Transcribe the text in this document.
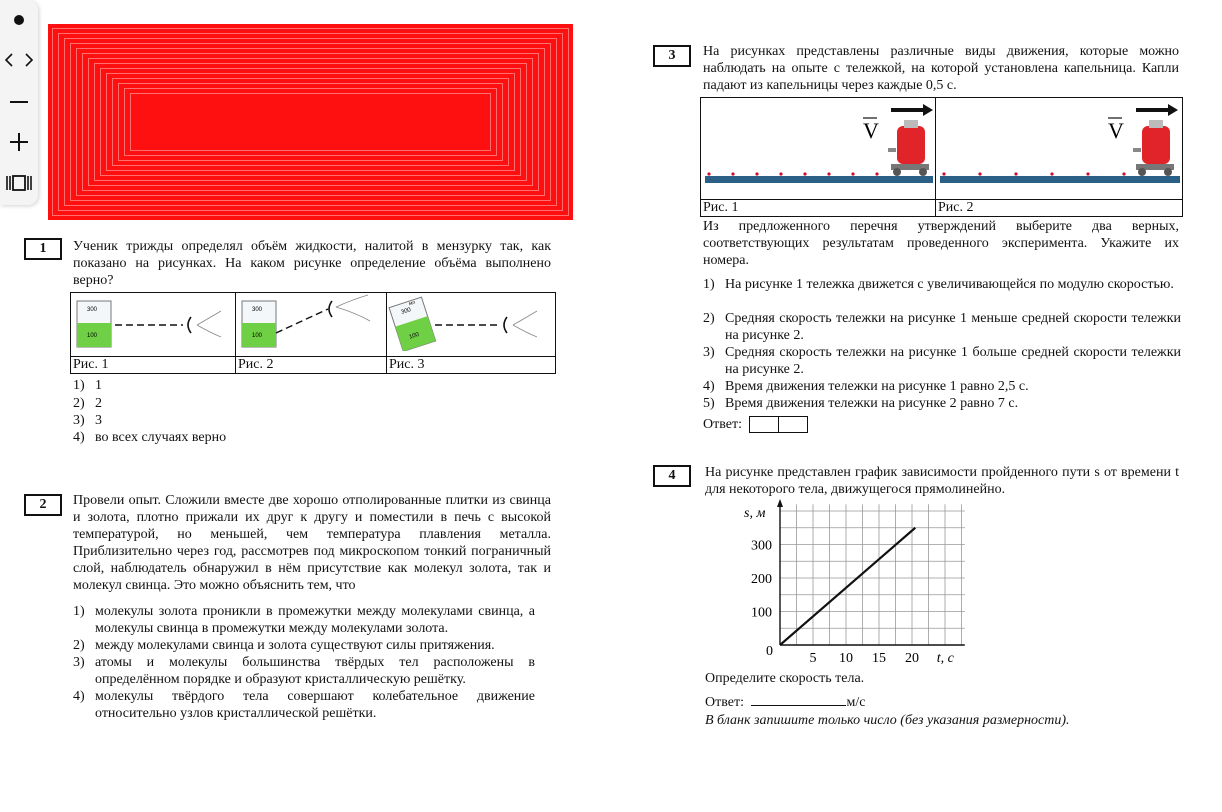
1	Ученик трижды определял объём жидкости, налитой в мензурку так, как показано на рисунках. На каком рисунке определение объёма выполнено верно?
300
100	300
100	300
100
мл

Рис. 1	Рис. 2	Рис. 3
1) 1
2) 2
3) 3
4) во всех случаях верно
2	Провели опыт. Сложили вместе две хорошо отполированные плитки из свинца и золота, плотно прижали их друг к другу и поместили в печь с высокой температурой, но меньшей, чем температура плавления металла. Приблизительно через год, рассмотрев под микроскопом тонкий пограничный слой, наблюдатель обнаружил в нём присутствие как молекул золота, так и молекул свинца. Это можно объяснить тем, что
1) молекулы золота проникли в промежутки между молекулами свинца, а молекулы свинца в промежутки между молекулами золота.
2) между молекулами свинца и золота существуют силы притяжения.
3) атомы и молекулы большинства твёрдых тел расположены в определённом порядке и образуют кристаллическую решётку.
4) молекулы твёрдого тела совершают колебательное движение относительно узлов кристаллической решётки.
3	На рисунках представлены различные виды движения, которые можно наблюдать на опыте с тележкой, на которой установлена капельница. Капли падают из капельницы через каждые 0,5 с.
V	V

Рис. 1	Рис. 2
Из предложенного перечня утверждений выберите два верных, соответствующих результатам проведенного эксперимента. Укажите их номера.
1) На рисунке 1 тележка движется с увеличивающейся по модулю скоростью.
2) Средняя скорость тележки на рисунке 1 меньше средней скорости тележки на рисунке 2.
3) Средняя скорость тележки на рисунке 1 больше средней скорости тележки на рисунке 2.
4) Время движения тележки на рисунке 1 равно 2,5 с.
5) Время движения тележки на рисунке 2 равно 7 с.
Ответ:
4	На рисунке представлен график зависимости пройденного пути s от времени t для некоторого тела, движущегося прямолинейно.
5 10 15 20
100
200
300
s, м
t, с
0
Определите скорость тела.
Ответ:	м/с
В бланк запишите только число (без указания размерности).
